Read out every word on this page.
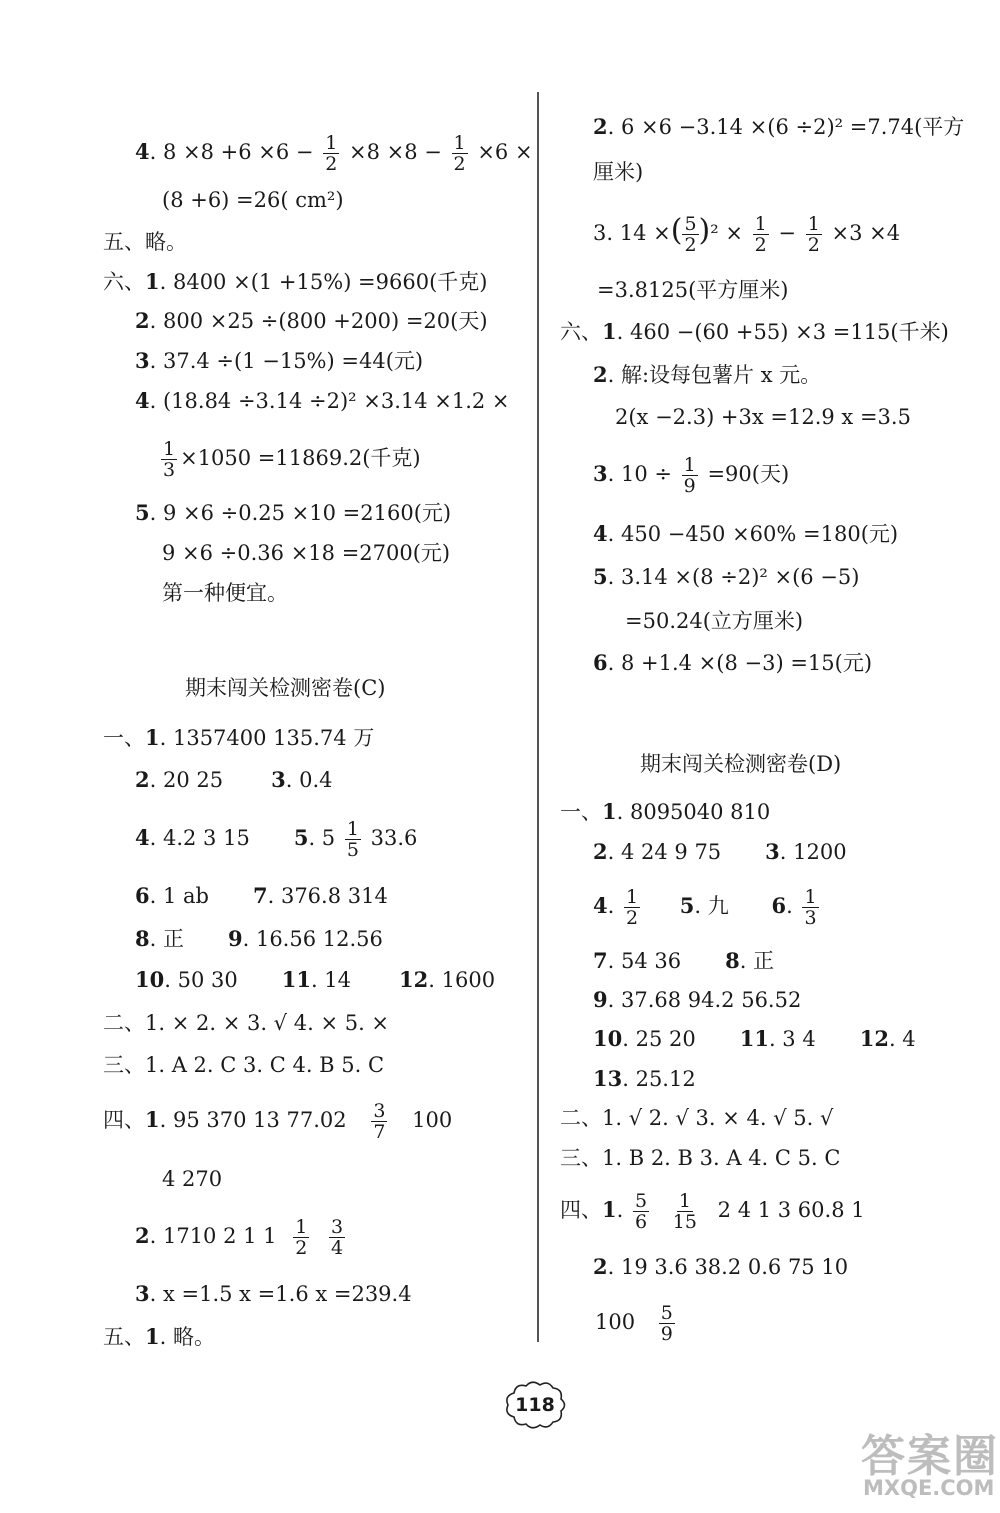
4. $8 \times 8 +6 \times 6 - \frac{1}{2} \times 8 \times 8 - \frac{1}{2} \times 6$ ×
(8 +6) =26( cm²)
五、略。
六、1. 8400 ×(1 +15%) =9660(千克)
2. 800 ×25 ÷(800 +200) =20(天)
3. 37.4 ÷(1 −15%) =44(元)
4. (18.84 ÷3.14 ÷2)² ×3.14 ×1.2 ×
$\frac{1}{3} \times 1050 =11869.2$(千克)
5. 9 ×6 ÷0.25 ×10 =2160(元)
9 ×6 ÷0.36 ×18 =2700(元)
第一种便宜。
期末闯关检测密卷(C)
一、1. 1357400 135.74 万
2. 20 25 3. 0.4
4. 4.2 3 15 5. $5 \frac{1}{5} 33.6$
6. 1 ab 7. 376.8 314
8. 正 9. 16.56 12.56
10. 50 30 11. 14 12. 1600
二、1. × 2. × 3. √ 4. × 5. ×
三、1. A 2. C 3. C 4. B 5. C
四、1. 95 370 13 $77.02 \frac{3}{7} 100$
4 270
2. 1710 2 1 $1 \frac{1}{2}$
$\frac{3}{4}$
3. x =1.5 x =1.6 x =239.4
五、1. 略。
2. 6 ×6 −3.14 ×(6 ÷2)² =7.74(平方
厘米)
3. 14 ×( $\frac{5}{2} )^2 \times \frac{1}{2} - \frac{1}{2} \times 3 \times 4$
=3.8125(平方厘米)
六、1. 460 −(60 +55) ×3 =115(千米)
2. 解:设每包薯片 x 元。
2(x −2.3) +3x =12.9 x =3.5
3. $10 \div \frac{1}{9} =90$(天)
4. 450 −450 ×60% =180(元)
5. 3.14 ×(8 ÷2)² ×(6 −5)
=50.24(立方厘米)
6. 8 +1.4 ×(8 −3) =15(元)
期末闯关检测密卷(D)
一、1. 8095040 810
2. 4 24 9 75 3. 1200
4. $\frac{1}{2} 5$. 九 6. $\frac{1}{3}$
7. 54 36 8. 正
9. 37.68 94.2 56.52
10. 25 20 11. 3 4 12. 4
13. 25.12
二、1. √ 2. √ 3. × 4. √ 5. √
三、1. B 2. B 3. A 4. C 5. C
四、1. $\frac{5}{6}$
$\frac{1}{15} 2$ 4 1 3 60.8 1
2. 19 3.6 38.2 0.6 75 10
$100 \frac{5}{9}$
118
答案圈
MXQE.COM
